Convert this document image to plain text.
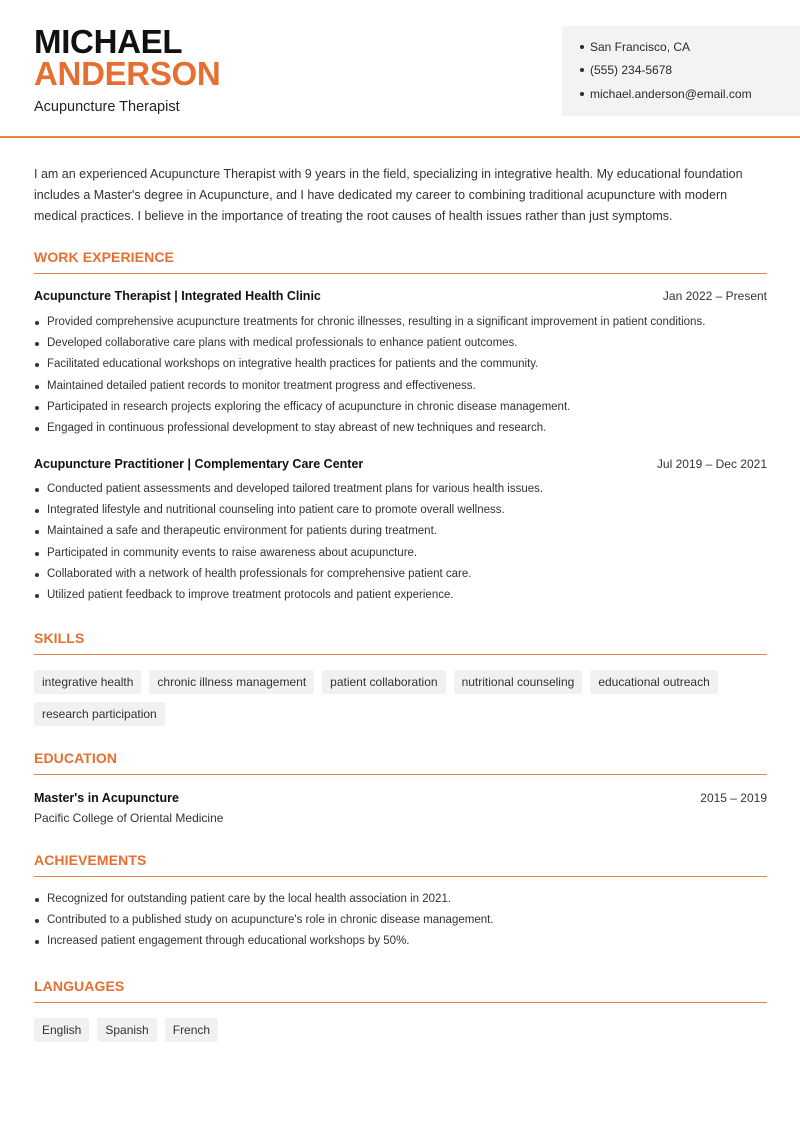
MICHAEL
ANDERSON
Acupuncture Therapist
San Francisco, CA
(555) 234-5678
michael.anderson@email.com

I am an experienced Acupuncture Therapist with 9 years in the field, specializing in integrative health. My educational foundation includes a Master's degree in Acupuncture, and I have dedicated my career to combining traditional acupuncture with modern medical practices. I believe in the importance of treating the root causes of health issues rather than just symptoms.

WORK EXPERIENCE
Acupuncture Therapist | Integrated Health Clinic	Jan 2022 – Present
Provided comprehensive acupuncture treatments for chronic illnesses, resulting in a significant improvement in patient conditions.
Developed collaborative care plans with medical professionals to enhance patient outcomes.
Facilitated educational workshops on integrative health practices for patients and the community.
Maintained detailed patient records to monitor treatment progress and effectiveness.
Participated in research projects exploring the efficacy of acupuncture in chronic disease management.
Engaged in continuous professional development to stay abreast of new techniques and research.
Acupuncture Practitioner | Complementary Care Center	Jul 2019 – Dec 2021
Conducted patient assessments and developed tailored treatment plans for various health issues.
Integrated lifestyle and nutritional counseling into patient care to promote overall wellness.
Maintained a safe and therapeutic environment for patients during treatment.
Participated in community events to raise awareness about acupuncture.
Collaborated with a network of health professionals for comprehensive patient care.
Utilized patient feedback to improve treatment protocols and patient experience.
SKILLS
integrative health	chronic illness management	patient collaboration	nutritional counseling	educational outreach
research participation
EDUCATION
Master's in Acupuncture	2015 – 2019
Pacific College of Oriental Medicine
ACHIEVEMENTS
Recognized for outstanding patient care by the local health association in 2021.
Contributed to a published study on acupuncture's role in chronic disease management.
Increased patient engagement through educational workshops by 50%.
LANGUAGES
English	Spanish	French
